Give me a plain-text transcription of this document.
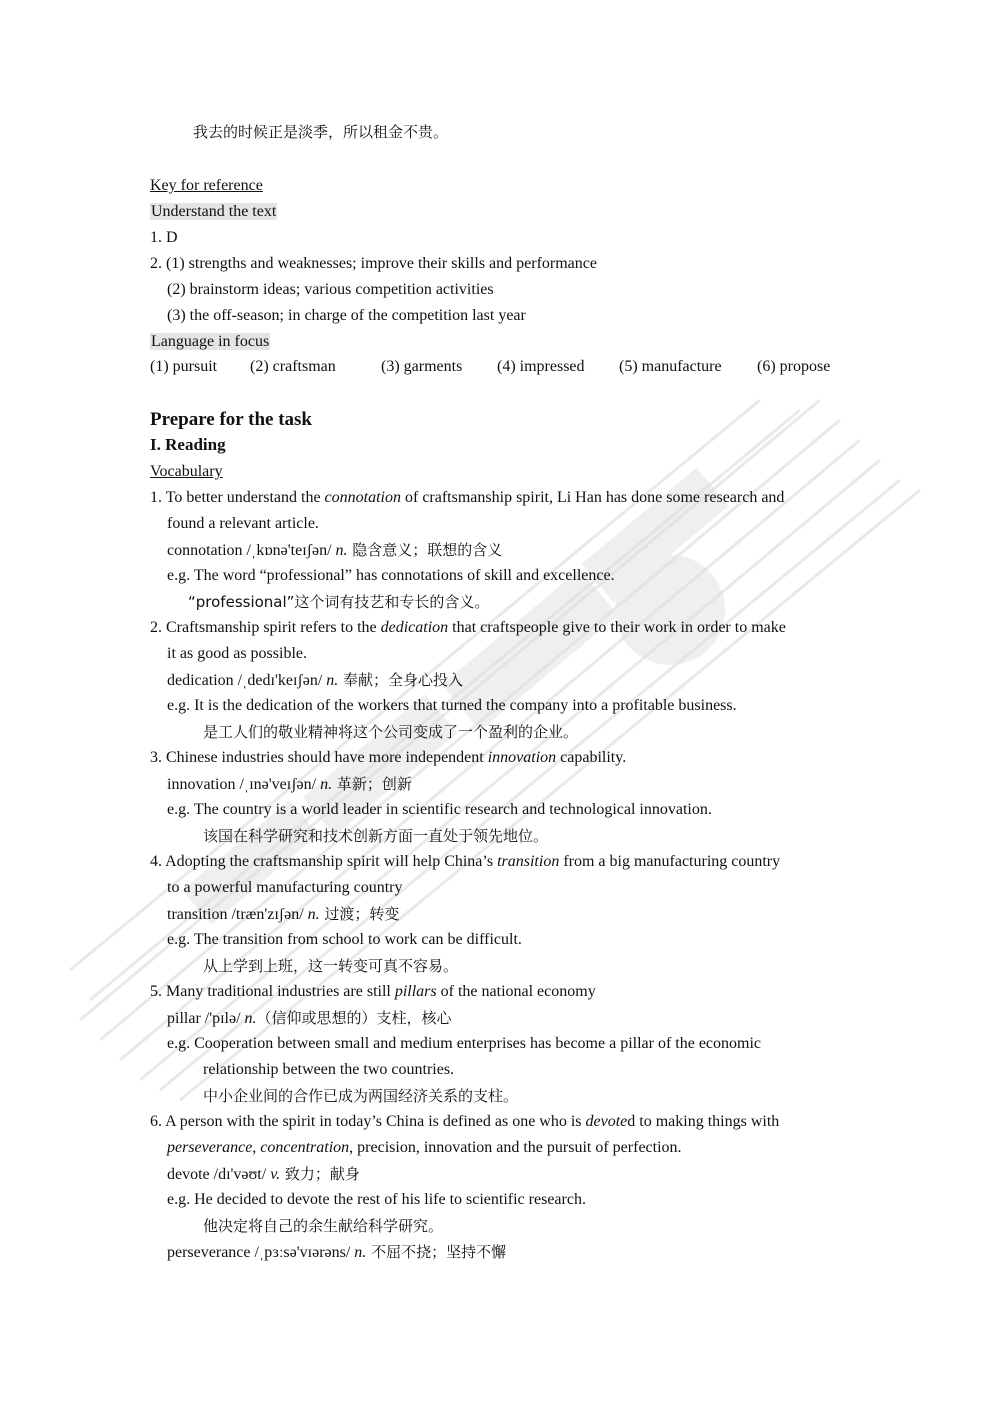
我去的时候正是淡季，所以租金不贵。
Key for reference
Understand the text
1. D
2. (1) strengths and weaknesses; improve their skills and performance
(2) brainstorm ideas; various competition activities
(3) the off-season; in charge of the competition last year
Language in focus
(1) pursuit (2) craftsman	(3) garments (4) impressed (5) manufacture (6) propose
Prepare for the task
I. Reading
Vocabulary
1. To better understand the connotation of craftsmanship spirit, Li Han has done some research and
found a relevant article.
connotation /ˌkɒnə'teɪʃən/ n. 隐含意义；联想的含义
e.g. The word “professional” has connotations of skill and excellence.
“professional”这个词有技艺和专长的含义。
2. Craftsmanship spirit refers to the dedication that craftspeople give to their work in order to make
it as good as possible.
dedication /ˌdedɪ'keɪʃən/ n. 奉献；全身心投入
e.g. It is the dedication of the workers that turned the company into a profitable business.
是工人们的敬业精神将这个公司变成了一个盈利的企业。
3. Chinese industries should have more independent innovation capability.
innovation /ˌɪnə'veɪʃən/ n. 革新；创新
e.g. The country is a world leader in scientific research and technological innovation.
该国在科学研究和技术创新方面一直处于领先地位。
4. Adopting the craftsmanship spirit will help China’s transition from a big manufacturing country
to a powerful manufacturing country
transition /træn'zɪʃən/ n. 过渡；转变
e.g. The transition from school to work can be difficult.
从上学到上班，这一转变可真不容易。
5. Many traditional industries are still pillars of the national economy
pillar /'pɪlə/ n.（信仰或思想的）支柱，核心
e.g. Cooperation between small and medium enterprises has become a pillar of the economic
relationship between the two countries.
中小企业间的合作已成为两国经济关系的支柱。
6. A person with the spirit in today’s China is defined as one who is devoted to making things with
perseverance, concentration, precision, innovation and the pursuit of perfection.
devote /dɪ'vəʊt/ v. 致力；献身
e.g. He decided to devote the rest of his life to scientific research.
他决定将自己的余生献给科学研究。
perseverance /ˌpɜːsə'vɪərəns/ n. 不屈不挠；坚持不懈
